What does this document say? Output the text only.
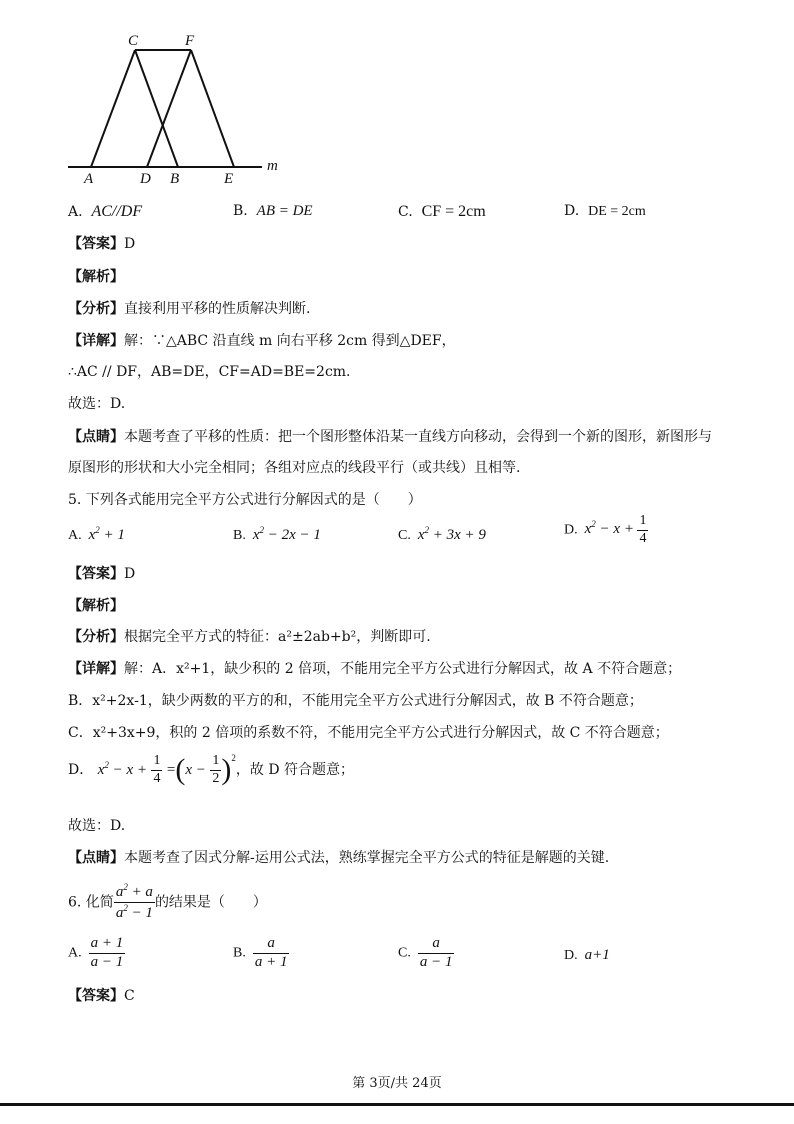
C	F
A	D B	E
m
A. AC//DF	B. AB = DE	C. CF = 2cm	D. DE = 2cm
【答案】D
【解析】
【分析】直接利用平移的性质解决判断.
【详解】解：∵△ABC 沿直线 m 向右平移 2cm 得到△DEF，
∴AC // DF，AB=DE，CF=AD=BE=2cm.
故选：D.
【点睛】本题考查了平移的性质：把一个图形整体沿某一直线方向移动，会得到一个新的图形，新图形与
原图形的形状和大小完全相同；各组对应点的线段平行（或共线）且相等.
5. 下列各式能用完全平方公式进行分解因式的是（　　）
A. $x^2 + 1$	B. $x^2 - 2x - 1$	C. $x^2 + 3x + 9$	D. $x^2 - x + \frac{1}{4}$
【答案】D
【解析】
【分析】根据完全平方式的特征：a²±2ab+b²，判断即可.
【详解】解：A．x²+1，缺少积的 2 倍项，不能用完全平方公式进行分解因式，故 A 不符合题意；
B．x²+2x-1，缺少两数的平方的和，不能用完全平方公式进行分解因式，故 B 不符合题意；
C．x²+3x+9，积的 2 倍项的系数不符，不能用完全平方公式进行分解因式，故 C 不符合题意；
D． $x^2 - x + \frac{1}{4} =(x - \frac{1}{2} )^2$，故 D 符合题意；
故选：D.
【点睛】本题考查了因式分解-运用公式法，熟练掌握完全平方公式的特征是解题的关键.
6. 化简 $\frac{a^2 + a}{a^2 - 1}$ 的结果是（　　）
A. $\frac{a + 1}{a - 1}$	B. $\frac{a}{a + 1}$	C. $\frac{a}{a - 1}$	D. a+1
【答案】C
第 3页/共 24页
